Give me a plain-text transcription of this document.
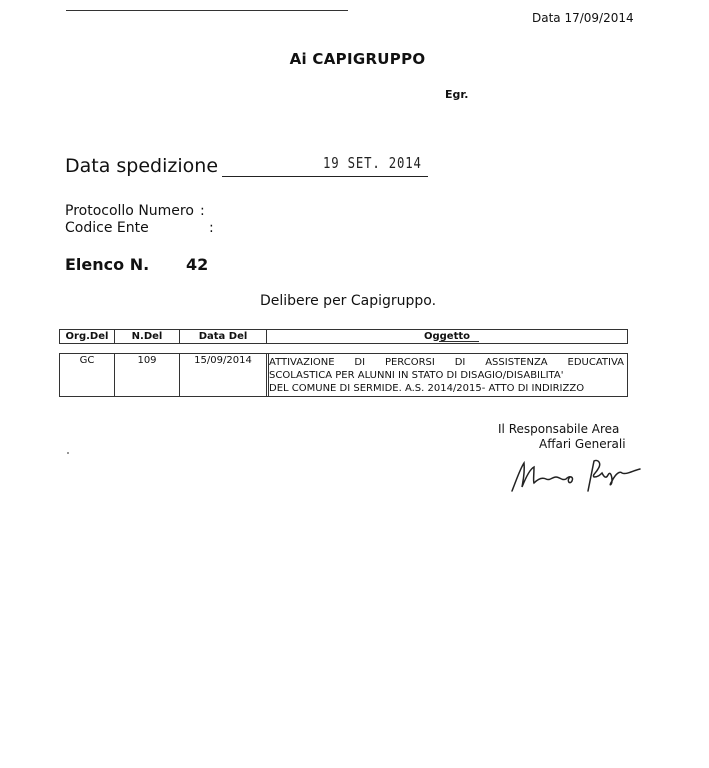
Data 17/09/2014
Ai CAPIGRUPPO
Egr.
Data spedizione	19 SET. 2014
Protocollo Numero :
Codice Ente	:
Elenco N. 42
Delibere per Capigruppo.
Org.Del	N.Del	Data Del	Oggetto
GC	109	15/09/2014	ATTIVAZIONE DI PERCORSI DI ASSISTENZA EDUCATIVA
SCOLASTICA PER ALUNNI IN STATO DI DISAGIO/DISABILITA'
DEL COMUNE DI SERMIDE. A.S. 2014/2015- ATTO DI INDIRIZZO
Il Responsabile Area
Affari Generali
